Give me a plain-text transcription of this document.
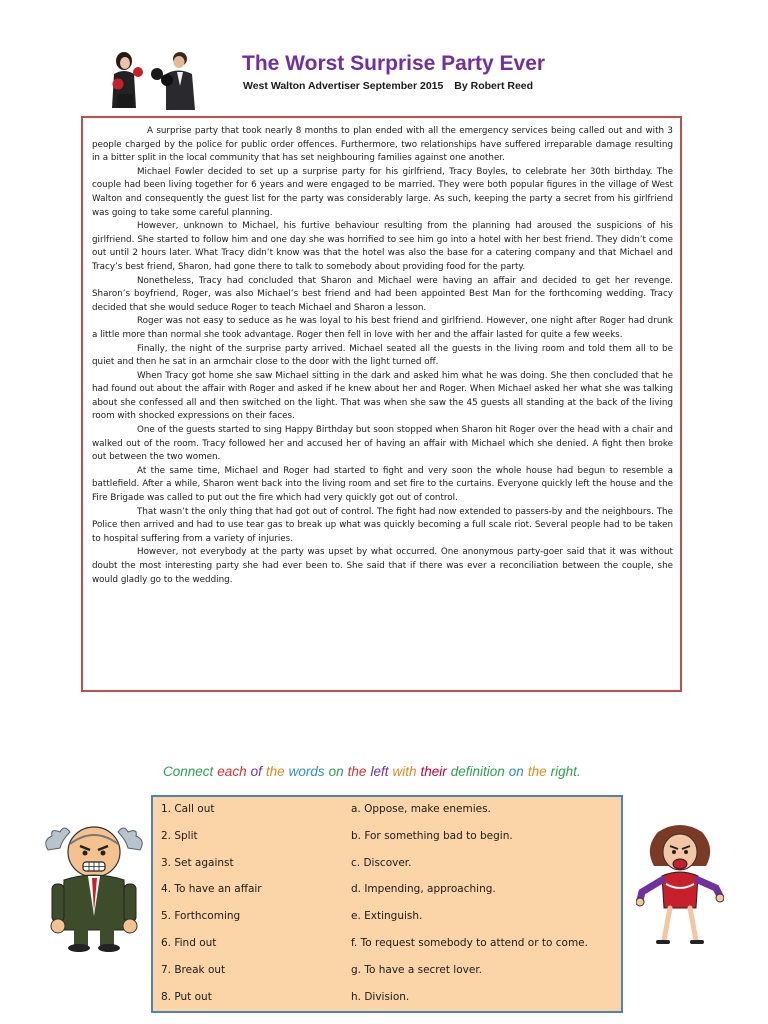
The Worst Surprise Party Ever
West Walton Advertiser September 2015 By Robert Reed

A surprise party that took nearly 8 months to plan ended with all the emergency services being called out and with 3 people charged by the police for public order offences. Furthermore, two relationships have suffered irreparable damage resulting in a bitter split in the local community that has set neighbouring families against one another.

Michael Fowler decided to set up a surprise party for his girlfriend, Tracy Boyles, to celebrate her 30th birthday. The couple had been living together for 6 years and were engaged to be married. They were both popular figures in the village of West Walton and consequently the guest list for the party was considerably large. As such, keeping the party a secret from his girlfriend was going to take some careful planning.

However, unknown to Michael, his furtive behaviour resulting from the planning had aroused the suspicions of his girlfriend. She started to follow him and one day she was horrified to see him go into a hotel with her best friend. They didn’t come out until 2 hours later. What Tracy didn’t know was that the hotel was also the base for a catering company and that Michael and Tracy’s best friend, Sharon, had gone there to talk to somebody about providing food for the party.

Nonetheless, Tracy had concluded that Sharon and Michael were having an affair and decided to get her revenge. Sharon’s boyfriend, Roger, was also Michael’s best friend and had been appointed Best Man for the forthcoming wedding. Tracy decided that she would seduce Roger to teach Michael and Sharon a lesson.

Roger was not easy to seduce as he was loyal to his best friend and girlfriend. However, one night after Roger had drunk a little more than normal she took advantage. Roger then fell in love with her and the affair lasted for quite a few weeks.

Finally, the night of the surprise party arrived. Michael seated all the guests in the living room and told them all to be quiet and then he sat in an armchair close to the door with the light turned off.

When Tracy got home she saw Michael sitting in the dark and asked him what he was doing. She then concluded that he had found out about the affair with Roger and asked if he knew about her and Roger. When Michael asked her what she was talking about she confessed all and then switched on the light. That was when she saw the 45 guests all standing at the back of the living room with shocked expressions on their faces.

One of the guests started to sing Happy Birthday but soon stopped when Sharon hit Roger over the head with a chair and walked out of the room. Tracy followed her and accused her of having an affair with Michael which she denied. A fight then broke out between the two women.

At the same time, Michael and Roger had started to fight and very soon the whole house had begun to resemble a battlefield. After a while, Sharon went back into the living room and set fire to the curtains. Everyone quickly left the house and the Fire Brigade was called to put out the fire which had very quickly got out of control.

That wasn’t the only thing that had got out of control. The fight had now extended to passers-by and the neighbours. The Police then arrived and had to use tear gas to break up what was quickly becoming a full scale riot. Several people had to be taken to hospital suffering from a variety of injuries.

However, not everybody at the party was upset by what occurred. One anonymous party-goer said that it was without doubt the most interesting party she had ever been to. She said that if there was ever a reconciliation between the couple, she would gladly go to the wedding.

Connect each of the words on the left with their definition on the right.
1. Call out	a. Oppose, make enemies.
2. Split	b. For something bad to begin.
3. Set against	c. Discover.
4. To have an affair	d. Impending, approaching.
5. Forthcoming	e. Extinguish.
6. Find out	f. To request somebody to attend or to come.
7. Break out	g. To have a secret lover.
8. Put out	h. Division.
